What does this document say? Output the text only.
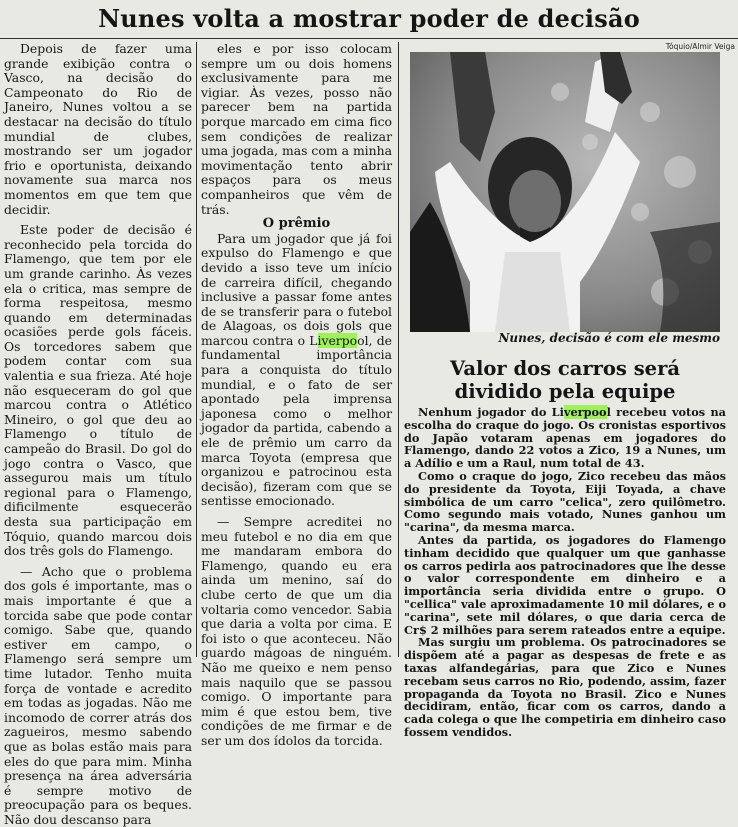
Nunes volta a mostrar poder de decisão

Depois de fazer uma grande exibição contra o Vasco, na decisão do Campeonato do Rio de Janeiro, Nunes voltou a se destacar na decisão do título mundial de clubes, mostrando ser um jogador frio e oportunista, deixando novamente sua marca nos momentos em que tem que decidir.

Este poder de decisão é reconhecido pela torcida do Flamengo, que tem por ele um grande carinho. Às vezes ela o critica, mas sempre de forma respeitosa, mesmo quando em determinadas ocasiões perde gols fáceis. Os torcedores sabem que podem contar com sua valentia e sua frieza. Até hoje não esqueceram do gol que marcou contra o Atlético Mineiro, o gol que deu ao Flamengo o título de campeão do Brasil. Do gol do jogo contra o Vasco, que assegurou mais um título regional para o Flamengo, dificilmente esquecerão desta sua participação em Tóquio, quando marcou dois dos três gols do Flamengo.

— Acho que o problema dos gols é importante, mas o mais importante é que a torcida sabe que pode contar comigo. Sabe que, quando estiver em campo, o Flamengo será sempre um time lutador. Tenho muita força de vontade e acredito em todas as jogadas. Não me incomodo de correr atrás dos zagueiros, mesmo sabendo que as bolas estão mais para eles do que para mim. Minha presença na área adversária é sempre motivo de preocupação para os beques. Não dou descanso para

eles e por isso colocam sempre um ou dois homens exclusivamente para me vigiar. Às vezes, posso não parecer bem na partida porque marcado em cima fico sem condições de realizar uma jogada, mas com a minha movimentação tento abrir espaços para os meus companheiros que vêm de trás.

O prêmio

Para um jogador que já foi expulso do Flamengo e que devido a isso teve um início de carreira difícil, chegando inclusive a passar fome antes de se transferir para o futebol de Alagoas, os dois gols que marcou contra o Liverpool, de fundamental importância para a conquista do título mundial, e o fato de ser apontado pela imprensa japonesa como o melhor jogador da partida, cabendo a ele de prêmio um carro da marca Toyota (empresa que organizou e patrocinou esta decisão), fizeram com que se sentisse emocionado.

— Sempre acreditei no meu futebol e no dia em que me mandaram embora do Flamengo, quando eu era ainda um menino, saí do clube certo de que um dia voltaria como vencedor. Sabia que daria a volta por cima. E foi isto o que aconteceu. Não guardo mágoas de ninguém. Não me queixo e nem penso mais naquilo que se passou comigo. O importante para mim é que estou bem, tive condições de me firmar e de ser um dos ídolos da torcida.

Tóquio/Almir Veiga
Nunes, decisão é com ele mesmo
Valor dos carros será
dividido pela equipe

Nenhum jogador do Liverpool recebeu votos na escolha do craque do jogo. Os cronistas esportivos do Japão votaram apenas em jogadores do Flamengo, dando 22 votos a Zico, 19 a Nunes, um a Adílio e um a Raul, num total de 43.

Como o craque do jogo, Zico recebeu das mãos do presidente da Toyota, Eiji Toyada, a chave simbólica de um carro "celica", zero quilômetro. Como segundo mais votado, Nunes ganhou um "carina", da mesma marca.

Antes da partida, os jogadores do Flamengo tinham decidido que qualquer um que ganhasse os carros pedirla aos patrocinadores que lhe desse o valor correspondente em dinheiro e a importância seria dividida entre o grupo. O "cellica" vale aproximadamente 10 mil dólares, e o "carina", sete mil dólares, o que daria cerca de Cr$ 2 milhões para serem rateados entre a equipe.

Mas surgiu um problema. Os patrocinadores se dispõem até a pagar as despesas de frete e as taxas alfandegárias, para que Zico e Nunes recebam seus carros no Rio, podendo, assim, fazer propaganda da Toyota no Brasil. Zico e Nunes decidiram, então, ficar com os carros, dando a cada colega o que lhe competiria em dinheiro caso fossem vendidos.
